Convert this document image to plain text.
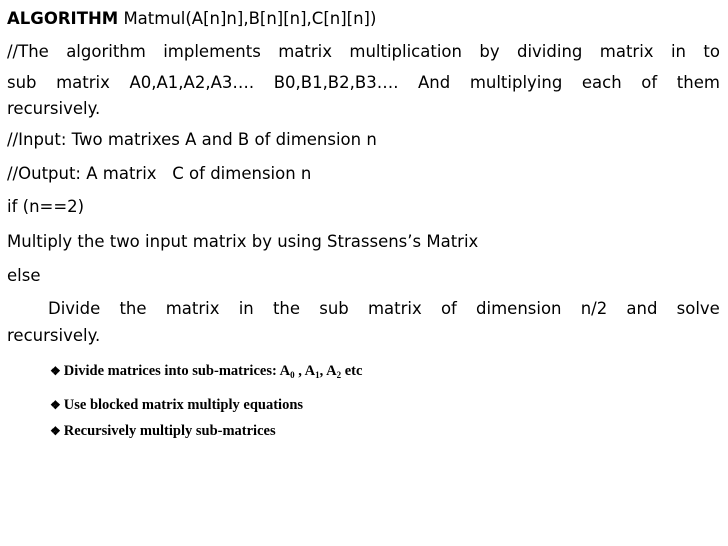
ALGORITHM Matmul(A[n]n],B[n][n],C[n][n])
//The algorithm implements matrix multiplication by dividing matrix in to
sub matrix A0,A1,A2,A3…. B0,B1,B2,B3…. And multiplying each of them
recursively.
//Input: Two matrixes A and B of dimension n
//Output: A matrix   C of dimension n
if (n==2)
Multiply the two input matrix by using Strassens’s Matrix
else
Divide the matrix in the sub matrix of dimension n/2 and solve
recursively.
❖ Divide matrices into sub-matrices: $A_0$ , $A_1$, $A_2$ etc
❖ Use blocked matrix multiply equations
❖ Recursively multiply sub-matrices
